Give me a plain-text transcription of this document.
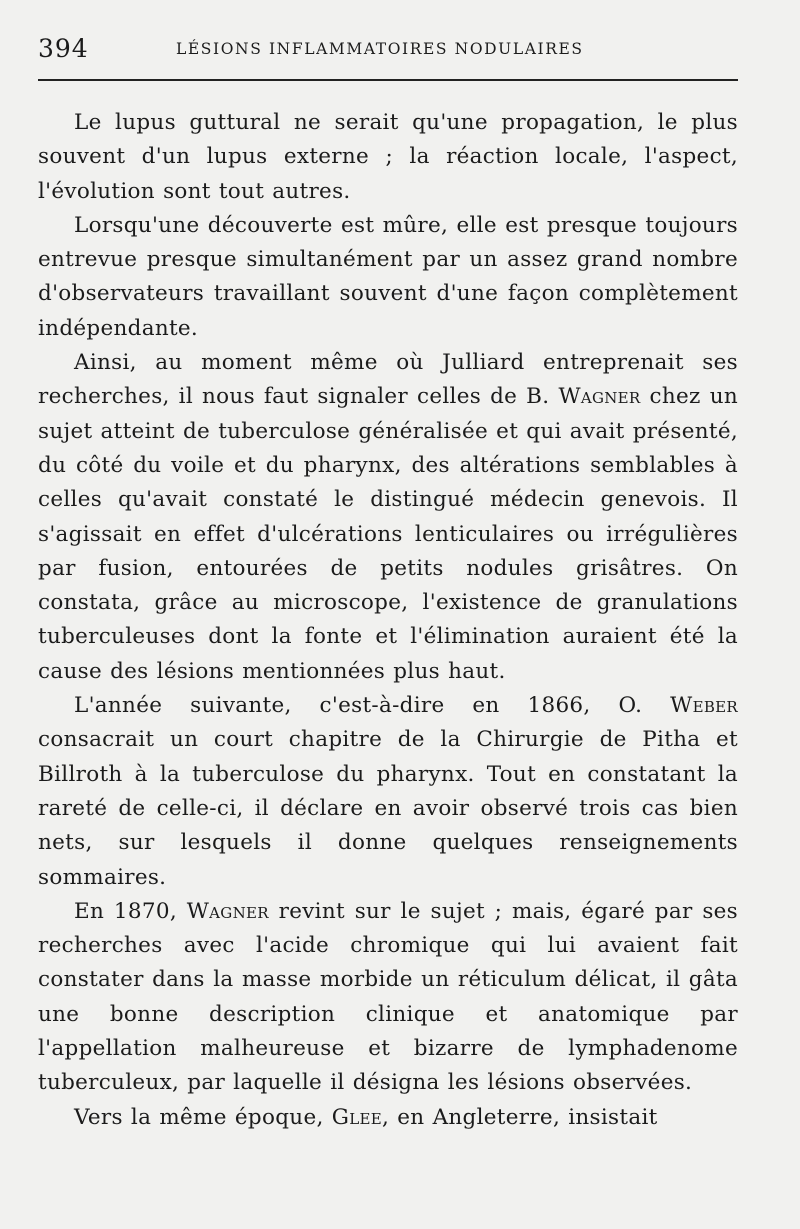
394	LÉSIONS INFLAMMATOIRES NODULAIRES

Le lupus guttural ne serait qu'une propagation, le plus souvent d'un lupus externe ; la réaction locale, l'aspect, l'évolution sont tout autres.

Lorsqu'une découverte est mûre, elle est presque toujours entrevue presque simultanément par un assez grand nombre d'observateurs travaillant souvent d'une façon complètement indépendante.

Ainsi, au moment même où Julliard entreprenait ses recherches, il nous faut signaler celles de B. Wagner chez un sujet atteint de tuberculose généralisée et qui avait présenté, du côté du voile et du pharynx, des altérations semblables à celles qu'avait constaté le distingué médecin genevois. Il s'agissait en effet d'ulcérations lenticulaires ou irrégulières par fusion, entourées de petits nodules grisâtres. On constata, grâce au microscope, l'existence de granulations tuberculeuses dont la fonte et l'élimination auraient été la cause des lésions mentionnées plus haut.

L'année suivante, c'est-à-dire en 1866, O. Weber consacrait un court chapitre de la Chirurgie de Pitha et Billroth à la tuberculose du pharynx. Tout en constatant la rareté de celle-ci, il déclare en avoir observé trois cas bien nets, sur lesquels il donne quelques renseignements sommaires.

En 1870, Wagner revint sur le sujet ; mais, égaré par ses recherches avec l'acide chromique qui lui avaient fait constater dans la masse morbide un réticulum délicat, il gâta une bonne description clinique et anatomique par l'appellation malheureuse et bizarre de lymphadenome tuberculeux, par laquelle il désigna les lésions observées.

Vers la même époque, Glee, en Angleterre, insistait
